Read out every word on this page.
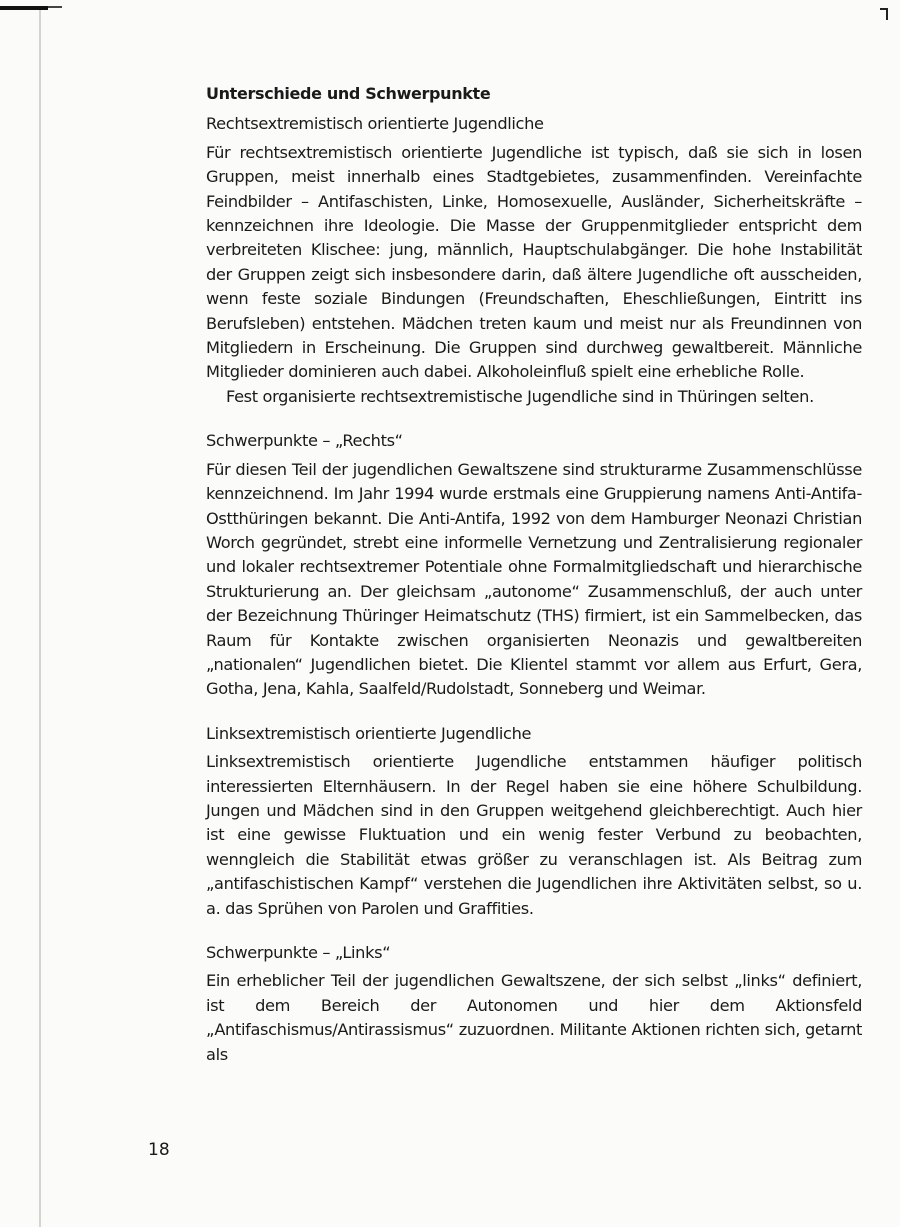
Unterschiede und Schwerpunkte
Rechtsextremistisch orientierte Jugendliche

Für rechtsextremistisch orientierte Jugendliche ist typisch, daß sie sich in losen Gruppen, meist innerhalb eines Stadtgebietes, zusammenfinden. Vereinfachte Feindbilder – Antifaschisten, Linke, Homosexuelle, Ausländer, Sicherheitskräfte – kennzeichnen ihre Ideologie. Die Masse der Gruppenmitglieder entspricht dem verbreiteten Klischee: jung, männlich, Hauptschulabgänger. Die hohe Instabilität der Gruppen zeigt sich insbesondere darin, daß ältere Jugendliche oft ausscheiden, wenn feste soziale Bindungen (Freundschaften, Eheschließungen, Eintritt ins Berufsleben) entstehen. Mädchen treten kaum und meist nur als Freundinnen von Mitgliedern in Erscheinung. Die Gruppen sind durchweg gewaltbereit. Männliche Mitglieder dominieren auch dabei. Alkoholeinfluß spielt eine erhebliche Rolle.

Fest organisierte rechtsextremistische Jugendliche sind in Thüringen selten.

Schwerpunkte – „Rechts“

Für diesen Teil der jugendlichen Gewaltszene sind strukturarme Zusammenschlüsse kennzeichnend. Im Jahr 1994 wurde erstmals eine Gruppierung namens Anti-Antifa-Ostthüringen bekannt. Die Anti-Antifa, 1992 von dem Hamburger Neonazi Christian Worch gegründet, strebt eine informelle Vernetzung und Zentralisierung regionaler und lokaler rechtsextremer Potentiale ohne Formalmitgliedschaft und hierarchische Strukturierung an. Der gleichsam „autonome“ Zusammenschluß, der auch unter der Bezeichnung Thüringer Heimatschutz (THS) firmiert, ist ein Sammelbecken, das Raum für Kontakte zwischen organisierten Neonazis und gewaltbereiten „nationalen“ Jugendlichen bietet. Die Klientel stammt vor allem aus Erfurt, Gera, Gotha, Jena, Kahla, Saalfeld/Rudolstadt, Sonneberg und Weimar.

Linksextremistisch orientierte Jugendliche

Linksextremistisch orientierte Jugendliche entstammen häufiger politisch interessierten Elternhäusern. In der Regel haben sie eine höhere Schulbildung. Jungen und Mädchen sind in den Gruppen weitgehend gleichberechtigt. Auch hier ist eine gewisse Fluktuation und ein wenig fester Verbund zu beobachten, wenngleich die Stabilität etwas größer zu veranschlagen ist. Als Beitrag zum „antifaschistischen Kampf“ verstehen die Jugendlichen ihre Aktivitäten selbst, so u. a. das Sprühen von Parolen und Graffities.

Schwerpunkte – „Links“

Ein erheblicher Teil der jugendlichen Gewaltszene, der sich selbst „links“ definiert, ist dem Bereich der Autonomen und hier dem Aktionsfeld „Antifaschismus/Antirassismus“ zuzuordnen. Militante Aktionen richten sich, getarnt als

18
